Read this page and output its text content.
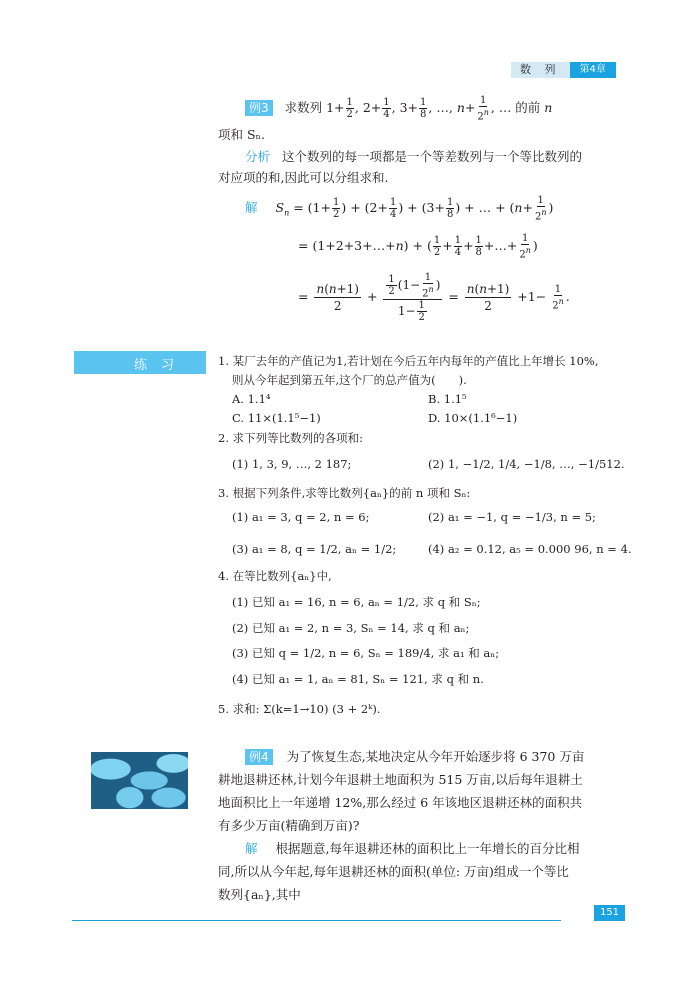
数 列	第4章
例3 求数列 $1+ \frac{1}{2}$ , $2+ \frac{1}{4}$ , $3+ \frac{1}{8}$ , …, $n+ \frac{1}{2^n}$ , … 的前 n
项和 Sₙ.
分析 这个数列的每一项都是一个等差数列与一个等比数列的
对应项的和,因此可以分组求和.
解 $S_n = (1+ \frac{1}{2}$ ) + ($2+ \frac{1}{4}$ ) + ($3+ \frac{1}{8}$ ) + … + ($n+ \frac{1}{2^n}$ )
= (1+2+3+…+n) + ( $\frac{1}{2} + \frac{1}{4} + \frac{1}{8}$ +…+ $\frac{1}{2^n}$ )
= $\frac{n(n+1)}{2} + \frac{\frac{1}{2} (1- \frac{1}{2^n} )}{1- \frac{1}{2}} = \frac{n(n+1)}{2} +1- \frac{1}{2^n}$ .
练习	1. 某厂去年的产值记为1,若计划在今后五年内每年的产值比上年增长 10%,
则从今年起到第五年,这个厂的总产值为(　　).
A. 1.1⁴	B. 1.1⁵
C. 11×(1.1⁵−1)	D. 10×(1.1⁶−1)
2. 求下列等比数列的各项和:
(1) 1, 3, 9, …, 2 187;	(2) 1, −1/2, 1/4, −1/8, …, −1/512.
3. 根据下列条件,求等比数列{aₙ}的前 n 项和 Sₙ:
(1) a₁ = 3, q = 2, n = 6;	(2) a₁ = −1, q = −1/3, n = 5;
(3) a₁ = 8, q = 1/2, aₙ = 1/2;	(4) a₂ = 0.12, a₅ = 0.000 96, n = 4.
4. 在等比数列{aₙ}中,
(1) 已知 a₁ = 16, n = 6, aₙ = 1/2, 求 q 和 Sₙ;
(2) 已知 a₁ = 2, n = 3, Sₙ = 14, 求 q 和 aₙ;
(3) 已知 q = 1/2, n = 6, Sₙ = 189/4, 求 a₁ 和 aₙ;
(4) 已知 a₁ = 1, aₙ = 81, Sₙ = 121, 求 q 和 n.
5. 求和: Σ(k=1→10) (3 + 2ᵏ).
例4 为了恢复生态,某地决定从今年开始逐步将 6 370 万亩
耕地退耕还林,计划今年退耕土地面积为 515 万亩,以后每年退耕土
地面积比上一年递增 12%,那么经过 6 年该地区退耕还林的面积共
有多少万亩(精确到万亩)?
解 根据题意,每年退耕还林的面积比上一年增长的百分比相
同,所以从今年起,每年退耕还林的面积(单位: 万亩)组成一个等比
数列{aₙ},其中
151
